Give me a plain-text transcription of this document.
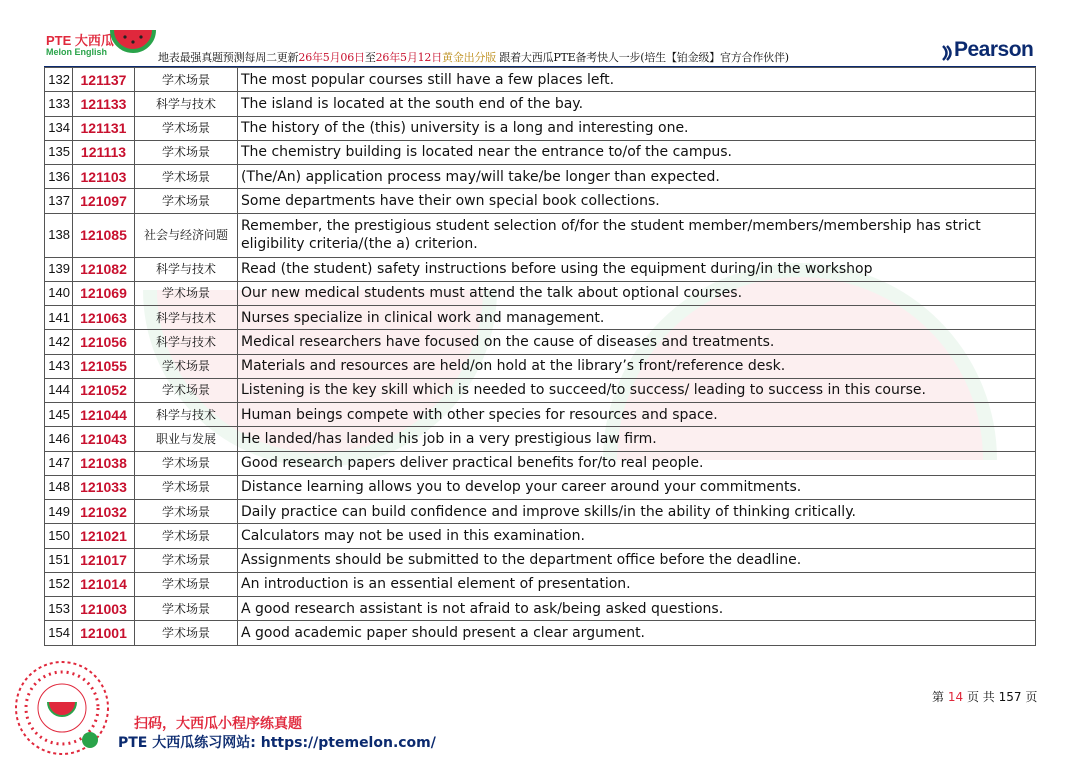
PTE 大西瓜
Melon English	地表最强真题预测每周二更新26年5月06日至26年5月12日黄金出分版 跟着大西瓜PTE备考快人一步(培生【铂金级】官方合作伙伴)	Pearson
132	121137	学术场景	The most popular courses still have a few places left.
133	121133	科学与技术	The island is located at the south end of the bay.
134	121131	学术场景	The history of the (this) university is a long and interesting one.
135	121113	学术场景	The chemistry building is located near the entrance to/of the campus.
136	121103	学术场景	(The/An) application process may/will take/be longer than expected.
137	121097	学术场景	Some departments have their own special book collections.
138	121085	社会与经济问题	Remember, the prestigious student selection of/for the student member/members/membership has strict eligibility criteria/(the a) criterion.
139	121082	科学与技术	Read (the student) safety instructions before using the equipment during/in the workshop
140	121069	学术场景	Our new medical students must attend the talk about optional courses.
141	121063	科学与技术	Nurses specialize in clinical work and management.
142	121056	科学与技术	Medical researchers have focused on the cause of diseases and treatments.
143	121055	学术场景	Materials and resources are held/on hold at the library’s front/reference desk.
144	121052	学术场景	Listening is the key skill which is needed to succeed/to success/ leading to success in this course.
145	121044	科学与技术	Human beings compete with other species for resources and space.
146	121043	职业与发展	He landed/has landed his job in a very prestigious law firm.
147	121038	学术场景	Good research papers deliver practical benefits for/to real people.
148	121033	学术场景	Distance learning allows you to develop your career around your commitments.
149	121032	学术场景	Daily practice can build confidence and improve skills/in the ability of thinking critically.
150	121021	学术场景	Calculators may not be used in this examination.
151	121017	学术场景	Assignments should be submitted to the department office before the deadline.
152	121014	学术场景	An introduction is an essential element of presentation.
153	121003	学术场景	A good research assistant is not afraid to ask/being asked questions.
154	121001	学术场景	A good academic paper should present a clear argument.
扫码，大西瓜小程序练真题
PTE 大西瓜练习网站: https://ptemelon.com/
第 14 页 共 157 页
